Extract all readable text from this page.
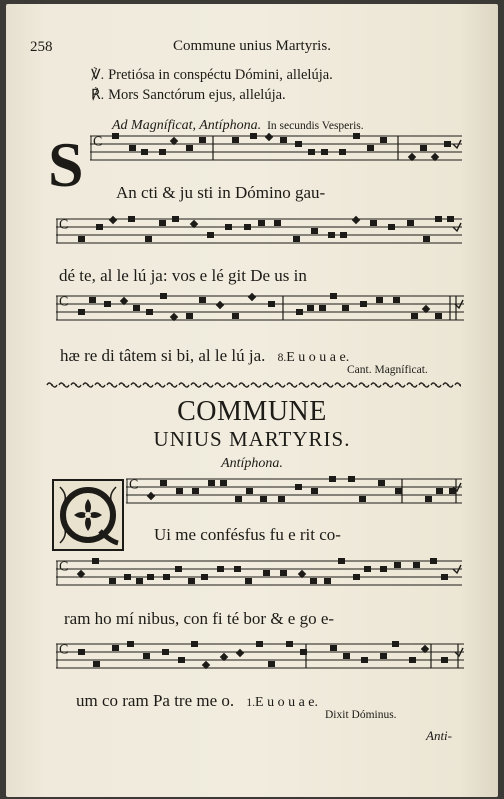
258	Commune unius Martyris.
℣. Pretiósa in conspéctu Dómini, allelúja.
℟. Mors Sanctórum ejus, allelúja.
Ad Magníficat, Antíphona. In secundis Vesperis.
S C
An cti & ju sti in Dómino gau-
C
dé te, al le lú ja: vos e lé git De us in
C
hæ re di tâtem si bi, al le lú ja. 8.E u o u a e.
Cant. Magníficat.
COMMUNE
UNIUS MARTYRIS.
Antíphona.
C
Ui me confésfus fu e rit co-
C
ram ho mí nibus, con fi té bor & e go e-
C
um co ram Pa tre me o. 1.E u o u a e.
Dixit Dóminus.
Anti-
